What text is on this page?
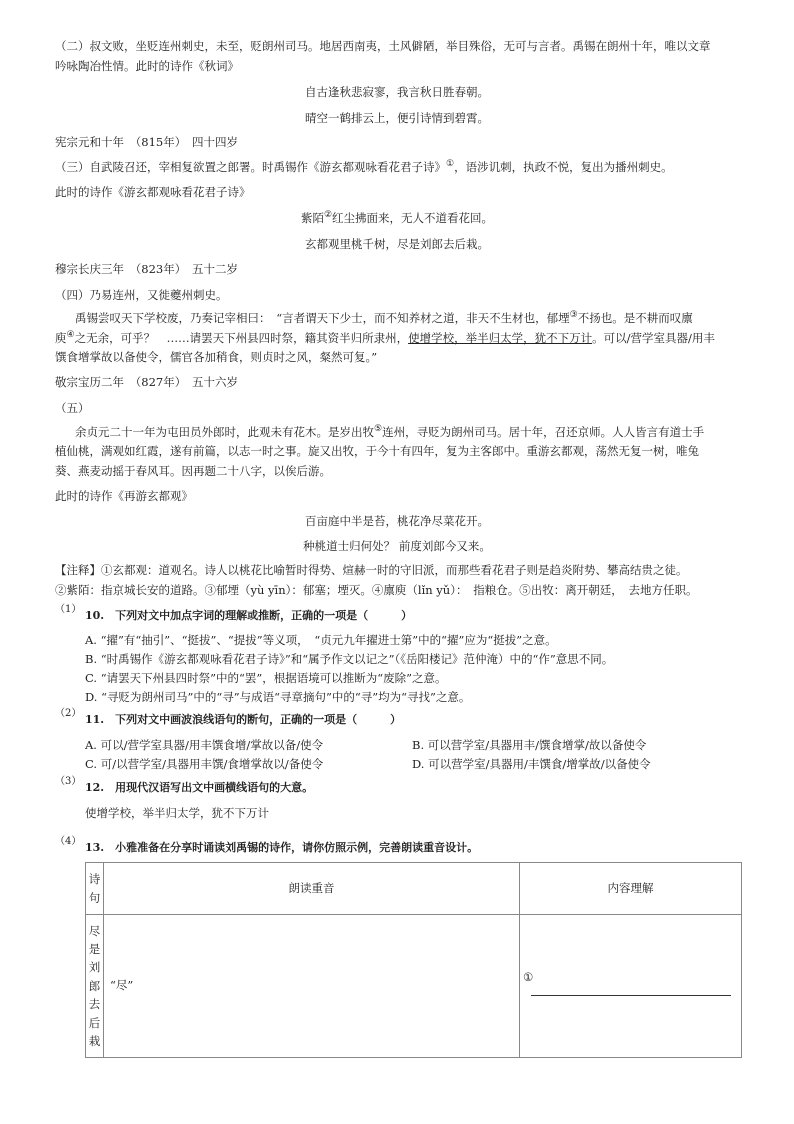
（二）叔文败，坐贬连州刺史，未至，贬朗州司马。地居西南夷，土风僻陋，举目殊俗，无可与言者。禹锡在朗州十年，唯以文章
吟咏陶冶性情。此时的诗作《秋词》
自古逢秋悲寂寥，我言秋日胜春朝。
晴空一鹤排云上，便引诗情到碧霄。
宪宗元和十年　（815年）　四十四岁
（三）自武陵召还，宰相复欲置之郎署。时禹锡作《游玄都观咏看花君子诗》①，语涉讥刺，执政不悦，复出为播州刺史。
此时的诗作《游玄都观咏看花君子诗》
紫陌②红尘拂面来，无人不道看花回。
玄都观里桃千树，尽是刘郎去后栽。
穆宗长庆三年　（823年）　五十二岁
（四）乃易连州，又徙夔州刺史。
禹锡尝叹天下学校废，乃奏记宰相曰：　“言者谓天下少士，而不知养材之道，非天不生材也，郁堙③不扬也。是不耕而叹廪
庾④之无余，可乎？　……请罢天下州县四时祭，籍其资半归所隶州，使增学校，举半归太学，犹不下万计。可以/营学室具器/用丰
馔食增掌故以备使令，儒官各加稍食，则贞时之风，粲然可复。”
敬宗宝历二年　（827年）　五十六岁
（五）
余贞元二十一年为屯田员外郎时，此观未有花木。是岁出牧⑤连州，寻贬为朗州司马。居十年，召还京师。人人皆言有道士手
植仙桃，满观如红霞，遂有前篇，以志一时之事。旋又出牧，于今十有四年，复为主客郎中。重游玄都观，荡然无复一树，唯兔
葵、燕麦动摇于春风耳。因再题二十八字，以俟后游。
此时的诗作《再游玄都观》
百亩庭中半是苔，桃花净尽菜花开。
种桃道士归何处？ 前度刘郎今又来。
【注释】①玄都观：道观名。诗人以桃花比喻暂时得势、煊赫一时的守旧派，而那些看花君子则是趋炎附势、攀高结贵之徒。
②紫陌：指京城长安的道路。③郁堙（yù yīn）：郁塞；堙灭。④廪庾（lǐn yǔ）：　指粮仓。⑤出牧：离开朝廷，　去地方任职。
（1） 10.　下列对文中加点字词的理解或推断，正确的一项是（　　　）
A. “擢”有“抽引”、“挺拔”、“提拔”等义项，　“贞元九年擢进士第”中的“擢”应为“挺拔”之意。
B. “时禹锡作《游玄都观咏看花君子诗》”和“属予作文以记之”（《岳阳楼记》范仲淹）中的“作”意思不同。
C. “请罢天下州县四时祭”中的“罢”，根据语境可以推断为“废除”之意。
D. “寻贬为朗州司马”中的“寻”与成语“寻章摘句”中的“寻”均为“寻找”之意。
（2） 11.　下列对文中画波浪线语句的断句，正确的一项是（　　　）
A. 可以/营学室具器/用丰馔食增/掌故以备/使令	B. 可以营学室/具器用丰/馔食增掌/故以备使令
C. 可/以营学室/具器用丰馔/食增掌故以/备使令	D. 可以营学室/具器用/丰馔食/增掌故/以备使令
（3） 12.　用现代汉语写出文中画横线语句的大意。
使增学校，举半归太学，犹不下万计
（4） 13.　小雅准备在分享时诵读刘禹锡的诗作，请你仿照示例，完善朗读重音设计。
诗句	朗读重音	内容理解

尽是刘郎去后栽	“尽”	①
